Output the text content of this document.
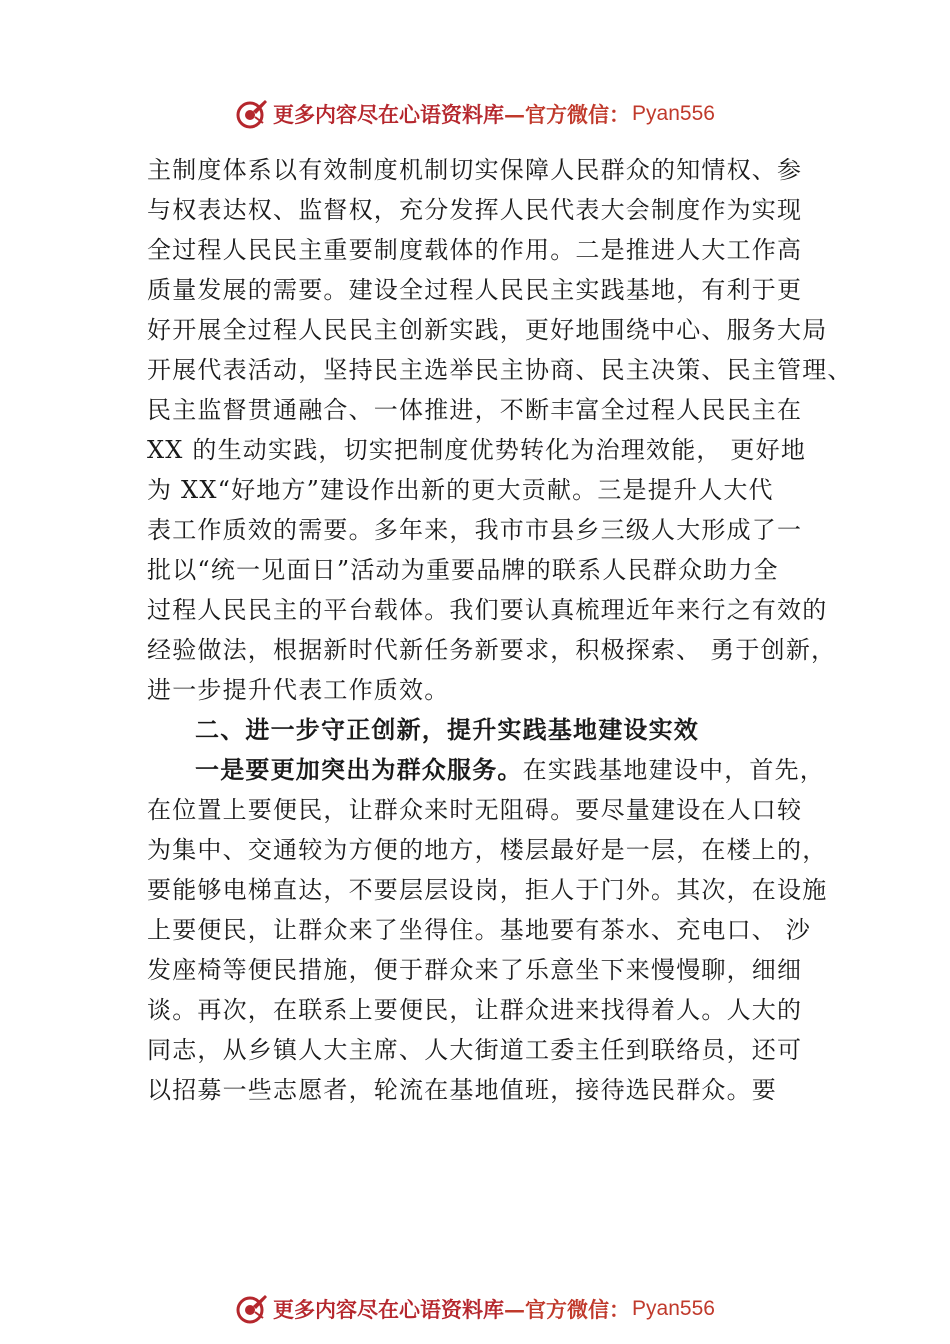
更多内容尽在心语资料库 —官方微信： Pyan556
主制度体系以有效制度机制切实保障人民群众的知情权、参
与权表达权、监督权，充分发挥人民代表大会制度作为实现
全过程人民民主重要制度载体的作用。二是推进人大工作高
质量发展的需要。建设全过程人民民主实践基地，有利于更
好开展全过程人民民主创新实践，更好地围绕中心、服务大局
开展代表活动，坚持民主选举民主协商、民主决策、民主管理、
民主监督贯通融合、一体推进，不断丰富全过程人民民主在
XX 的生动实践，切实把制度优势转化为治理效能， 更好地
为 XX“好地方”建设作出新的更大贡献。三是提升人大代
表工作质效的需要。多年来，我市市县乡三级人大形成了一
批以“统一见面日”活动为重要品牌的联系人民群众助力全
过程人民民主的平台载体。我们要认真梳理近年来行之有效的
经验做法，根据新时代新任务新要求，积极探索、 勇于创新，
进一步提升代表工作质效。
二、进一步守正创新，提升实践基地建设实效
一是要更加突出为群众服务。在实践基地建设中，首先，
在位置上要便民，让群众来时无阻碍。要尽量建设在人口较
为集中、交通较为方便的地方，楼层最好是一层，在楼上的，
要能够电梯直达，不要层层设岗，拒人于门外。其次，在设施
上要便民，让群众来了坐得住。基地要有茶水、充电口、 沙
发座椅等便民措施，便于群众来了乐意坐下来慢慢聊，细细
谈。再次，在联系上要便民，让群众进来找得着人。人大的
同志，从乡镇人大主席、人大街道工委主任到联络员，还可
以招募一些志愿者，轮流在基地值班，接待选民群众。要
更多内容尽在心语资料库 —官方微信： Pyan556
